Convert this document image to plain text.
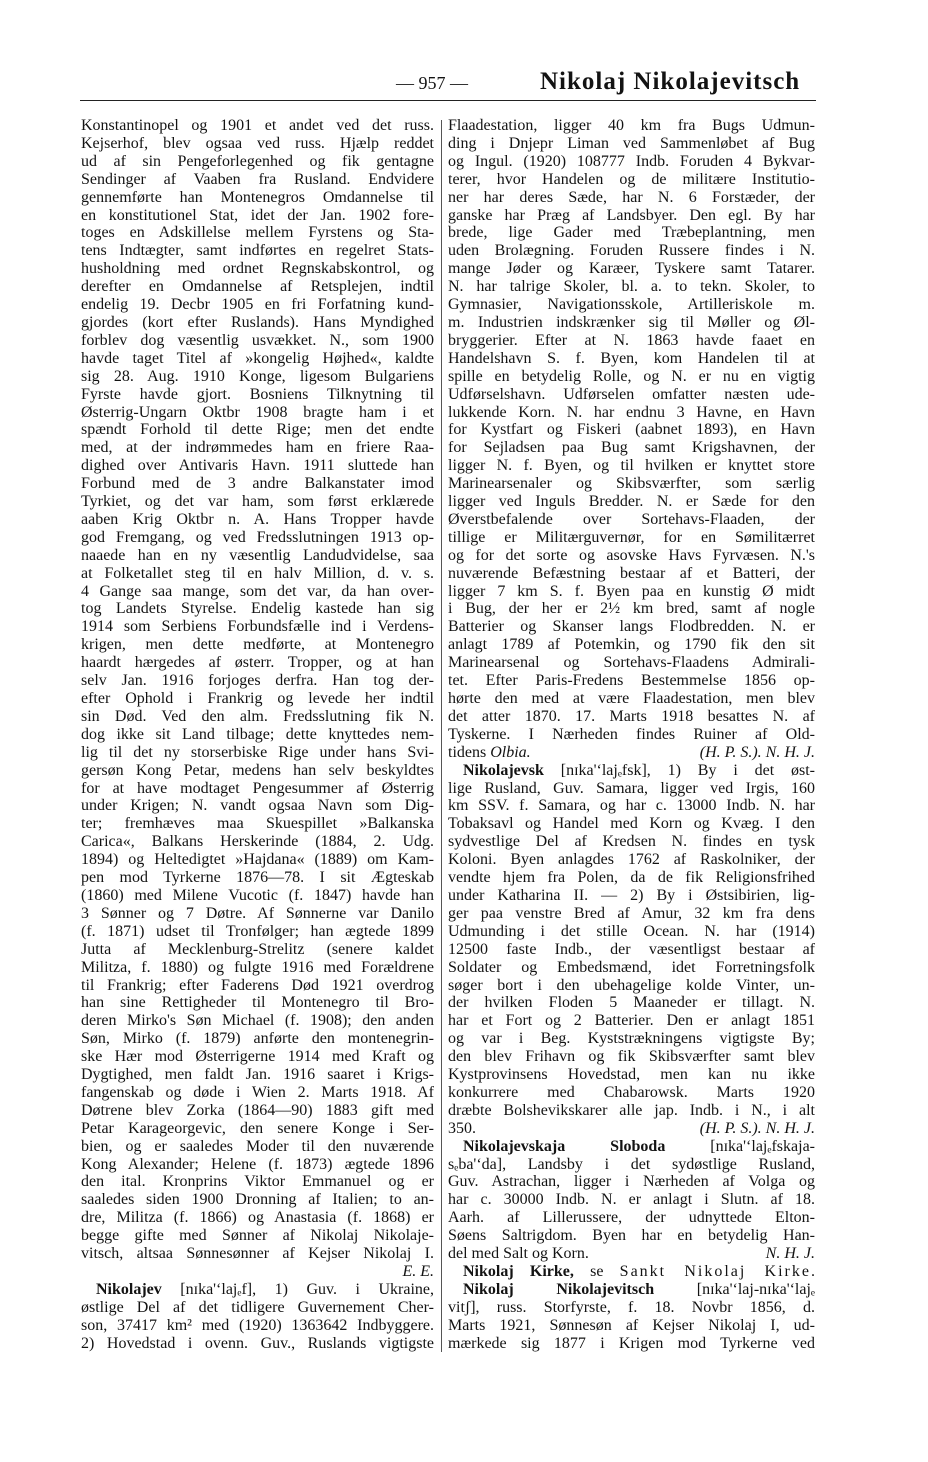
— 957 —	Nikolaj Nikolajevitsch
Konstantinopel og 1901 et andet ved det russ.
Kejserhof, blev ogsaa ved russ. Hjælp reddet
ud af sin Pengeforlegenhed og fik gentagne
Sendinger af Vaaben fra Rusland. Endvidere
gennemførte han Montenegros Omdannelse til
en konstitutionel Stat, idet der Jan. 1902 fore-
toges en Adskillelse mellem Fyrstens og Sta-
tens Indtægter, samt indførtes en regelret Stats-
husholdning med ordnet Regnskabskontrol, og
derefter en Omdannelse af Retsplejen, indtil
endelig 19. Decbr 1905 en fri Forfatning kund-
gjordes (kort efter Ruslands). Hans Myndighed
forblev dog væsentlig usvækket. N., som 1900
havde taget Titel af »kongelig Højhed«, kaldte
sig 28. Aug. 1910 Konge, ligesom Bulgariens
Fyrste havde gjort. Bosniens Tilknytning til
Østerrig-Ungarn Oktbr 1908 bragte ham i et
spændt Forhold til dette Rige; men det endte
med, at der indrømmedes ham en friere Raa-
dighed over Antivaris Havn. 1911 sluttede han
Forbund med de 3 andre Balkanstater imod
Tyrkiet, og det var ham, som først erklærede
aaben Krig Oktbr n. A. Hans Tropper havde
god Fremgang, og ved Fredsslutningen 1913 op-
naaede han en ny væsentlig Landudvidelse, saa
at Folketallet steg til en halv Million, d. v. s.
4 Gange saa mange, som det var, da han over-
tog Landets Styrelse. Endelig kastede han sig
1914 som Serbiens Forbundsfælle ind i Verdens-
krigen, men dette medførte, at Montenegro
haardt hærgedes af østerr. Tropper, og at han
selv Jan. 1916 forjoges derfra. Han tog der-
efter Ophold i Frankrig og levede her indtil
sin Død. Ved den alm. Fredsslutning fik N.
dog ikke sit Land tilbage; dette knyttedes nem-
lig til det ny storserbiske Rige under hans Svi-
gersøn Kong Petar, medens han selv beskyldtes
for at have modtaget Pengesummer af Østerrig
under Krigen; N. vandt ogsaa Navn som Dig-
ter; fremhæves maa Skuespillet »Balkanska
Carica«, Balkans Herskerinde (1884, 2. Udg.
1894) og Heltedigtet »Hajdana« (1889) om Kam-
pen mod Tyrkerne 1876—78. I sit Ægteskab
(1860) med Milene Vucotic (f. 1847) havde han
3 Sønner og 7 Døtre. Af Sønnerne var Danilo
(f. 1871) udset til Tronfølger; han ægtede 1899
Jutta af Mecklenburg-Strelitz (senere kaldet
Militza, f. 1880) og fulgte 1916 med Forældrene
til Frankrig; efter Faderens Død 1921 overdrog
han sine Rettigheder til Montenegro til Bro-
deren Mirko's Søn Michael (f. 1908); den anden
Søn, Mirko (f. 1879) anførte den montenegrin-
ske Hær mod Østerrigerne 1914 med Kraft og
Dygtighed, men faldt Jan. 1916 saaret i Krigs-
fangenskab og døde i Wien 2. Marts 1918. Af
Døtrene blev Zorka (1864—90) 1883 gift med
Petar Karageorgevic, den senere Konge i Ser-
bien, og er saaledes Moder til den nuværende
Kong Alexander; Helene (f. 1873) ægtede 1896
den ital. Kronprins Viktor Emmanuel og er
saaledes siden 1900 Dronning af Italien; to an-
dre, Militza (f. 1866) og Anastasia (f. 1868) er
begge gifte med Sønner af Nikolaj Nikolaje-
vitsch, altsaa Sønnesønner af Kejser Nikolaj I.
E. E.
Nikolajev [nɪka'ʻlajₑf], 1) Guv. i Ukraine,
østlige Del af det tidligere Guvernement Cher-
son, 37417 km² med (1920) 1363642 Indbyggere.
2) Hovedstad i ovenn. Guv., Ruslands vigtigste
Flaadestation, ligger 40 km fra Bugs Udmun-
ding i Dnjepr Liman ved Sammenløbet af Bug
og Ingul. (1920) 108777 Indb. Foruden 4 Bykvar-
terer, hvor Handelen og de militære Institutio-
ner har deres Sæde, har N. 6 Forstæder, der
ganske har Præg af Landsbyer. Den egl. By har
brede, lige Gader med Træbeplantning, men
uden Brolægning. Foruden Russere findes i N.
mange Jøder og Karæer, Tyskere samt Tatarer.
N. har talrige Skoler, bl. a. to tekn. Skoler, to
Gymnasier, Navigationsskole, Artilleriskole m.
m. Industrien indskrænker sig til Møller og Øl-
bryggerier. Efter at N. 1863 havde faaet en
Handelshavn S. f. Byen, kom Handelen til at
spille en betydelig Rolle, og N. er nu en vigtig
Udførselshavn. Udførselen omfatter næsten ude-
lukkende Korn. N. har endnu 3 Havne, en Havn
for Kystfart og Fiskeri (aabnet 1893), en Havn
for Sejladsen paa Bug samt Krigshavnen, der
ligger N. f. Byen, og til hvilken er knyttet store
Marinearsenaler og Skibsværfter, som særlig
ligger ved Inguls Bredder. N. er Sæde for den
Øverstbefalende over Sortehavs-Flaaden, der
tillige er Militærguvernør, for en Sømilitærret
og for det sorte og asovske Havs Fyrvæsen. N.'s
nuværende Befæstning bestaar af et Batteri, der
ligger 7 km S. f. Byen paa en kunstig Ø midt
i Bug, der her er 2½ km bred, samt af nogle
Batterier og Skanser langs Flodbredden. N. er
anlagt 1789 af Potemkin, og 1790 fik den sit
Marinearsenal og Sortehavs-Flaadens Admirali-
tet. Efter Paris-Fredens Bestemmelse 1856 op-
hørte den med at være Flaadestation, men blev
det atter 1870. 17. Marts 1918 besattes N. af
Tyskerne. I Nærheden findes Ruiner af Old-
tidens Olbia.	(H. P. S.). N. H. J.
Nikolajevsk [nɪka'ʻlajₑfsk], 1) By i det øst-
lige Rusland, Guv. Samara, ligger ved Irgis, 160
km SSV. f. Samara, og har c. 13000 Indb. N. har
Tobaksavl og Handel med Korn og Kvæg. I den
sydvestlige Del af Kredsen N. findes en tysk
Koloni. Byen anlagdes 1762 af Raskolniker, der
vendte hjem fra Polen, da de fik Religionsfrihed
under Katharina II. — 2) By i Østsibirien, lig-
ger paa venstre Bred af Amur, 32 km fra dens
Udmunding i det stille Ocean. N. har (1914)
12500 faste Indb., der væsentligst bestaar af
Soldater og Embedsmænd, idet Forretningsfolk
søger bort i den ubehagelige kolde Vinter, un-
der hvilken Floden 5 Maaneder er tillagt. N.
har et Fort og 2 Batterier. Den er anlagt 1851
og var i Beg. Kyststrækningens vigtigste By;
den blev Frihavn og fik Skibsværfter samt blev
Kystprovinsens Hovedstad, men kan nu ikke
konkurrere med Chabarowsk. Marts 1920
dræbte Bolshevikskarer alle jap. Indb. i N., i alt
350.	(H. P. S.). N. H. J.
Nikolajevskaja Sloboda [nɪka'ʻlajₑfskaja-
sₑba'ʻda], Landsby i det sydøstlige Rusland,
Guv. Astrachan, ligger i Nærheden af Volga og
har c. 30000 Indb. N. er anlagt i Slutn. af 18.
Aarh. af Lillerussere, der udnyttede Elton-
Søens Saltrigdom. Byen har en betydelig Han-
del med Salt og Korn.	N. H. J.
Nikolaj Kirke, se Sankt Nikolaj Kirke.
Nikolaj Nikolajevitsch [nɪka'ʻlaj-nɪka'ʻlajₑ
vitʃ], russ. Storfyrste, f. 18. Novbr 1856, d.
Marts 1921, Sønnesøn af Kejser Nikolaj I, ud-
mærkede sig 1877 i Krigen mod Tyrkerne ved
